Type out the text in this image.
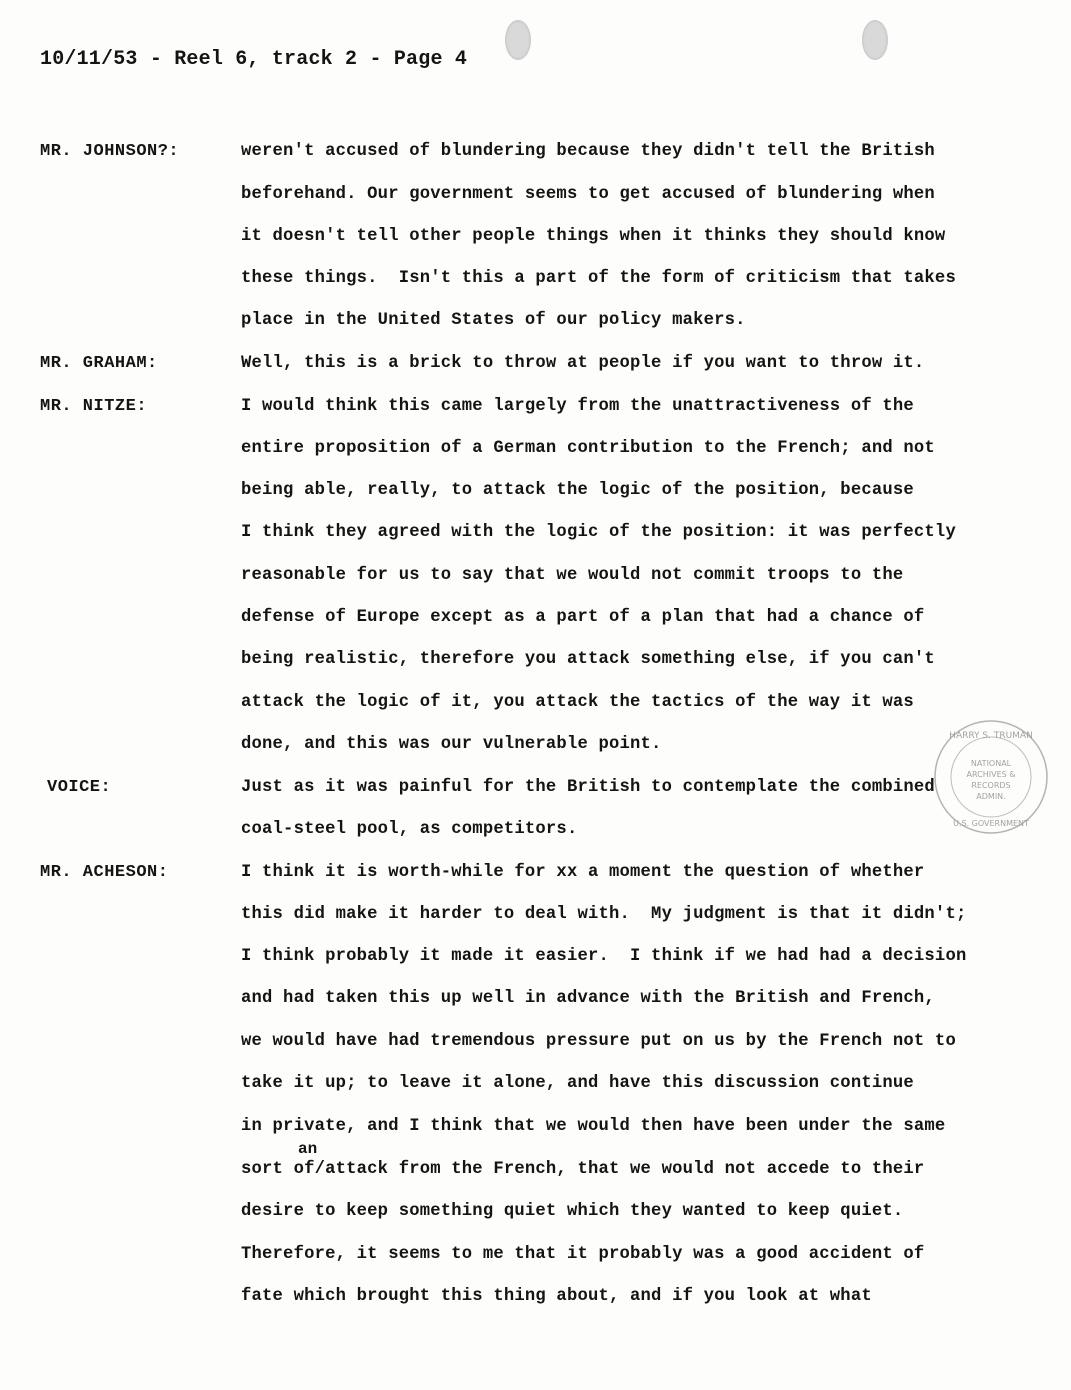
10/11/53 - Reel 6, track 2 - Page 4
MR. JOHNSON?:	weren't accused of blundering because they didn't tell the British
beforehand. Our government seems to get accused of blundering when
it doesn't tell other people things when it thinks they should know
these things.  Isn't this a part of the form of criticism that takes
place in the United States of our policy makers.
MR. GRAHAM:	Well, this is a brick to throw at people if you want to throw it.
MR. NITZE:	I would think this came largely from the unattractiveness of the
entire proposition of a German contribution to the French; and not
being able, really, to attack the logic of the position, because
I think they agreed with the logic of the position: it was perfectly
reasonable for us to say that we would not commit troops to the
defense of Europe except as a part of a plan that had a chance of
being realistic, therefore you attack something else, if you can't
attack the logic of it, you attack the tactics of the way it was
done, and this was our vulnerable point.
VOICE:	Just as it was painful for the British to contemplate the combined
coal-steel pool, as competitors.
MR. ACHESON:	I think it is worth-while for xx a moment the question of whether
this did make it harder to deal with.  My judgment is that it didn't;
I think probably it made it easier.  I think if we had had a decision
and had taken this up well in advance with the British and French,
we would have had tremendous pressure put on us by the French not to
take it up; to leave it alone, and have this discussion continue
in private, and I think that we would then have been under the same
an
sort of/attack from the French, that we would not accede to their
desire to keep something quiet which they wanted to keep quiet.
Therefore, it seems to me that it probably was a good accident of
fate which brought this thing about, and if you look at what
HARRY S. TRUMAN
NATIONAL
ARCHIVES &
RECORDS
ADMIN.
U.S. GOVERNMENT
